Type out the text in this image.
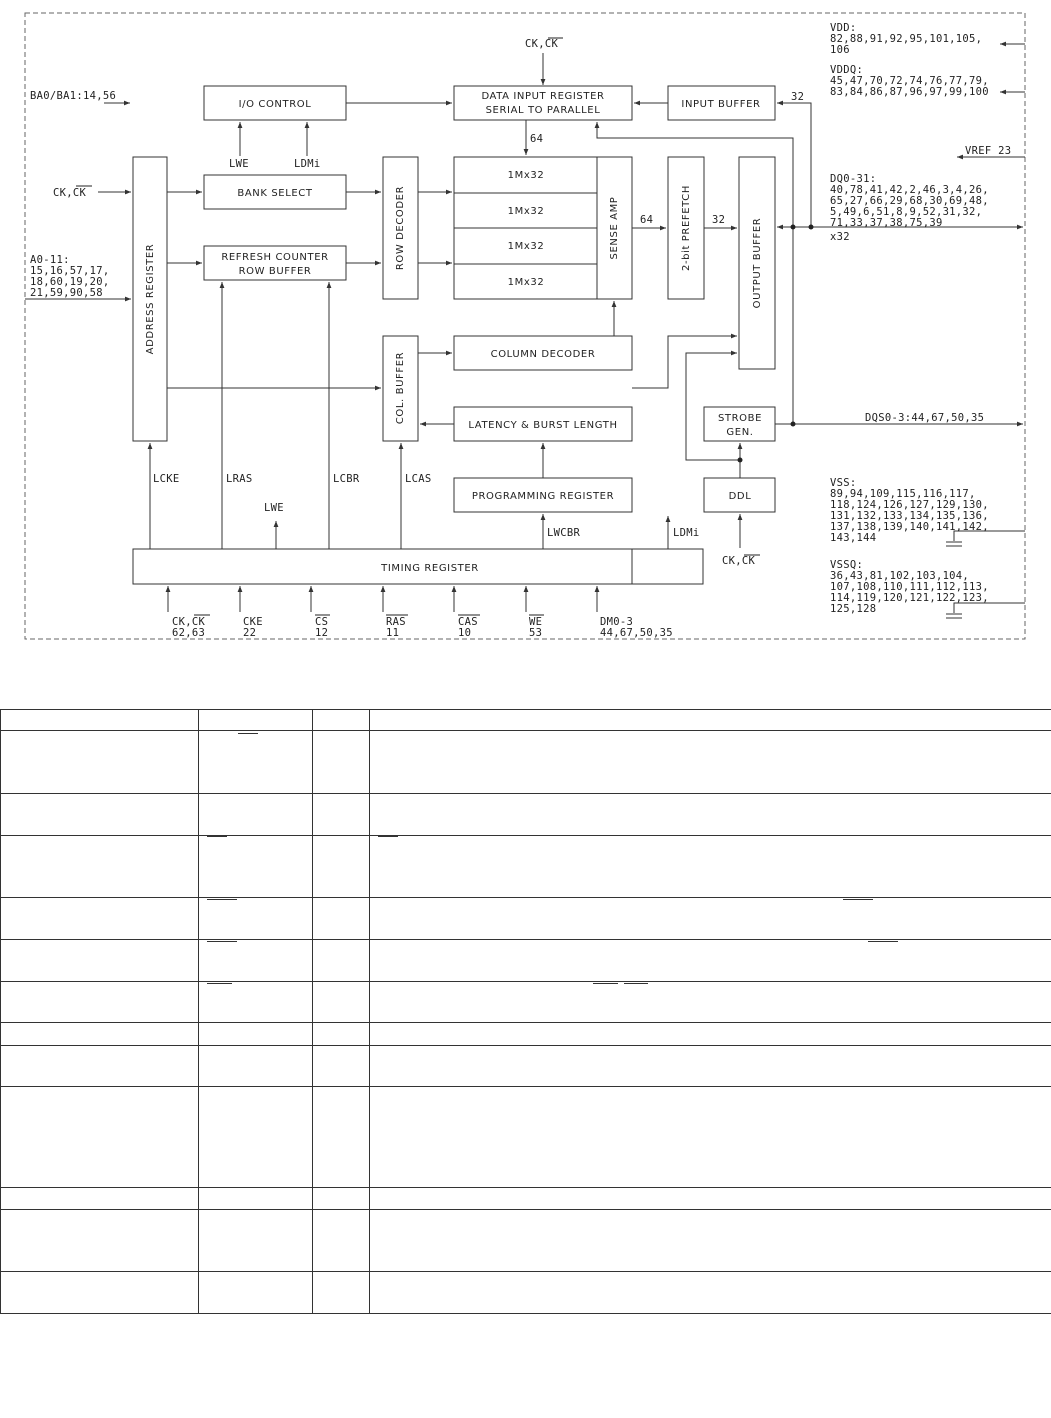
I/O CONTROL
DATA INPUT REGISTER
SERIAL TO PARALLEL
INPUT BUFFER
BANK SELECT
REFRESH COUNTER
ROW BUFFER
ADDRESS REGISTER
ROW DECODER
1Mx32
1Mx32
1Mx32
1Mx32
SENSE AMP	2-bit PREFETCH	OUTPUT BUFFER
COL. BUFFER	COLUMN DECODER
LATENCY & BURST LENGTH
STROBE
GEN.
PROGRAMMING REGISTER	DDL
TIMING REGISTER
LWE	LDMi
64
64	32
32
LCKE	LRAS
LWE
LCBR	LCAS
LWCBR	LDMi
x32
CK,CK
BA0/BA1:14,56
CK,CK
A0-11:
15,16,57,17,
18,60,19,20,
21,59,90,58
VDD:
82,88,91,92,95,101,105,
106
VDDQ:
45,47,70,72,74,76,77,79,
83,84,86,87,96,97,99,100
VREF 23
DQ0-31:
40,78,41,42,2,46,3,4,26,
65,27,66,29,68,30,69,48,
5,49,6,51,8,9,52,31,32,
71,33,37,38,75,39
DQS0-3:44,67,50,35
VSS:
89,94,109,115,116,117,
118,124,126,127,129,130,
131,132,133,134,135,136,
137,138,139,140,141,142,
143,144
VSSQ:
36,43,81,102,103,104,
107,108,110,111,112,113,
114,119,120,121,122,123,
125,128
CK,CK
CK,CK
62,63
CKE
22
CS
12
RAS
11
CAS
10
WE
53
DM0-3
44,67,50,35
